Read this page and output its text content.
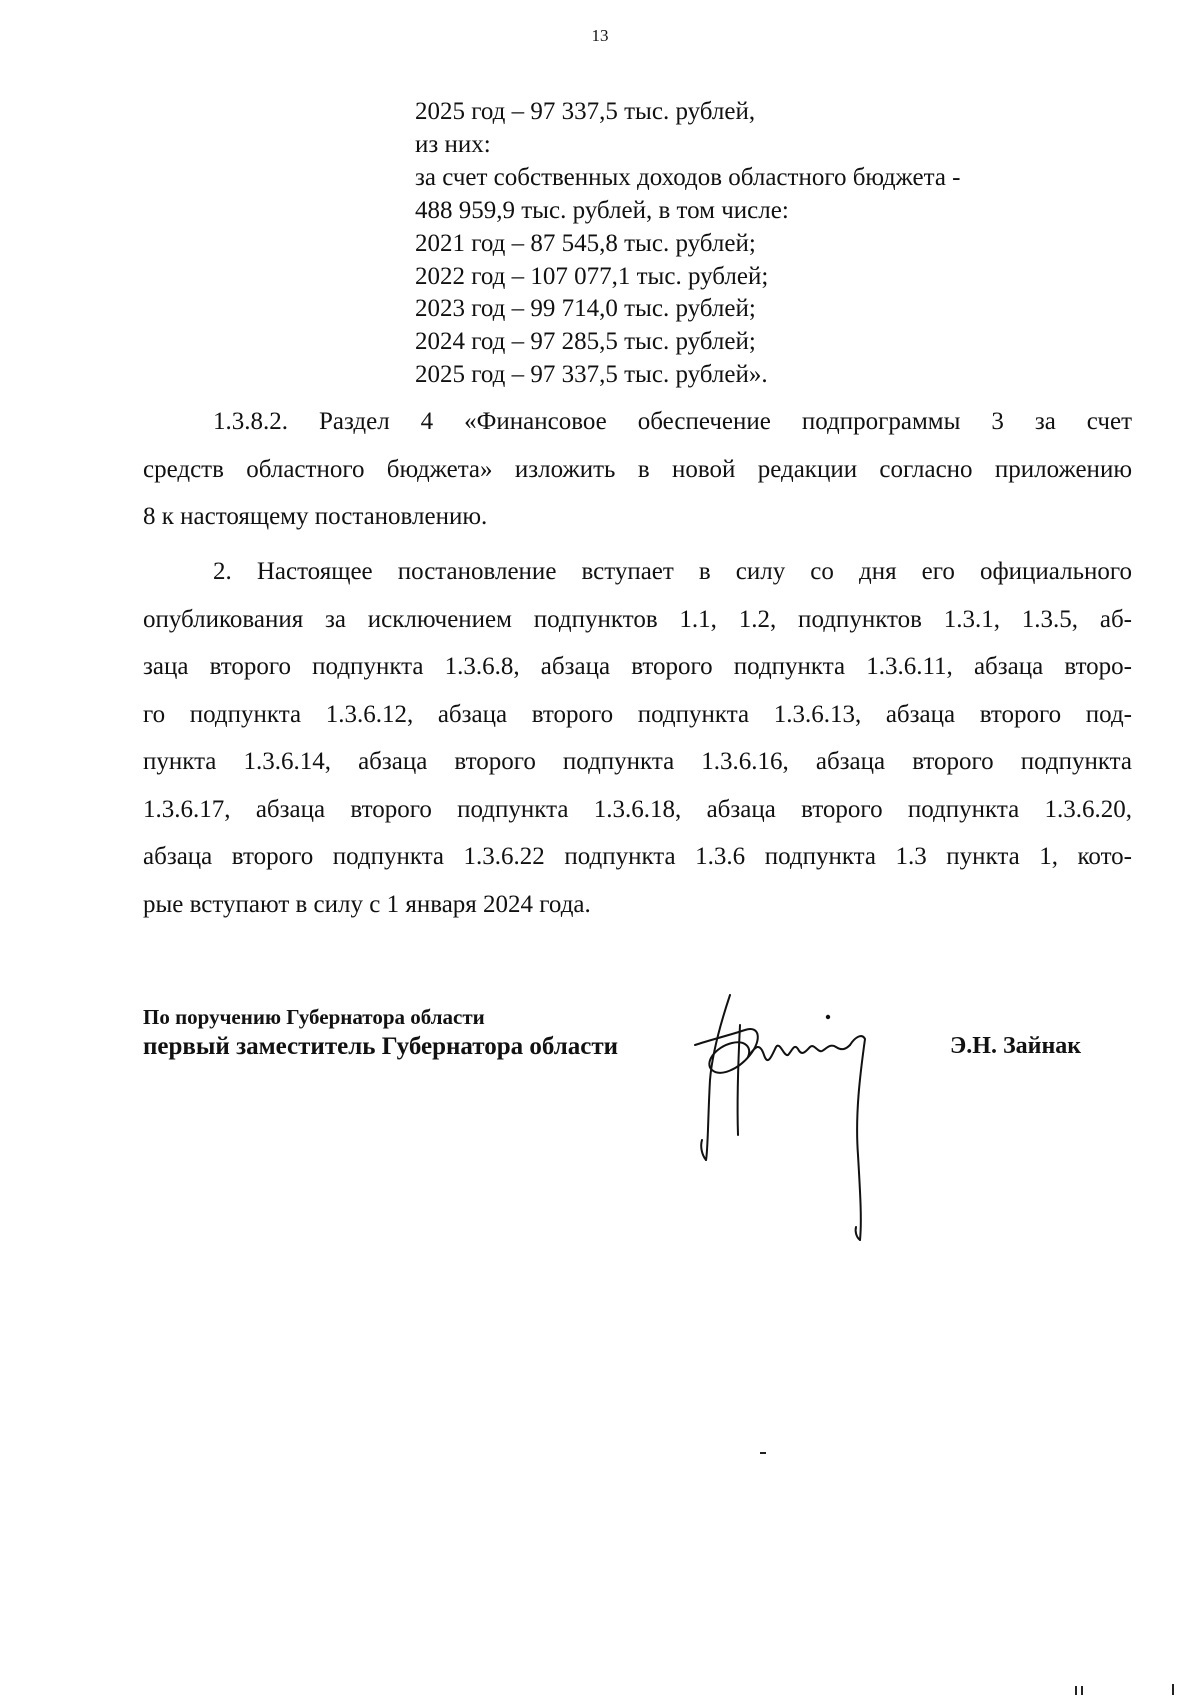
13
2025 год – 97 337,5 тыс. рублей,
из них:
за счет собственных доходов областного бюджета -
488 959,9 тыс. рублей, в том числе:
2021 год – 87 545,8 тыс. рублей;
2022 год – 107 077,1 тыс. рублей;
2023 год – 99 714,0 тыс. рублей;
2024 год – 97 285,5 тыс. рублей;
2025 год – 97 337,5 тыс. рублей».
1.3.8.2. Раздел 4 «Финансовое обеспечение подпрограммы 3 за счет
средств областного бюджета» изложить в новой редакции согласно приложению
8 к настоящему постановлению.
2. Настоящее постановление вступает в силу со дня его официального
опубликования за исключением подпунктов 1.1, 1.2, подпунктов 1.3.1, 1.3.5, аб-
заца второго подпункта 1.3.6.8, абзаца второго подпункта 1.3.6.11, абзаца второ-
го подпункта 1.3.6.12, абзаца второго подпункта 1.3.6.13, абзаца второго под-
пункта 1.3.6.14, абзаца второго подпункта 1.3.6.16, абзаца второго подпункта
1.3.6.17, абзаца второго подпункта 1.3.6.18, абзаца второго подпункта 1.3.6.20,
абзаца второго подпункта 1.3.6.22 подпункта 1.3.6 подпункта 1.3 пункта 1, кото-
рые вступают в силу с 1 января 2024 года.
По поручению Губернатора области
первый заместитель Губернатора области	Э.Н. Зайнак
